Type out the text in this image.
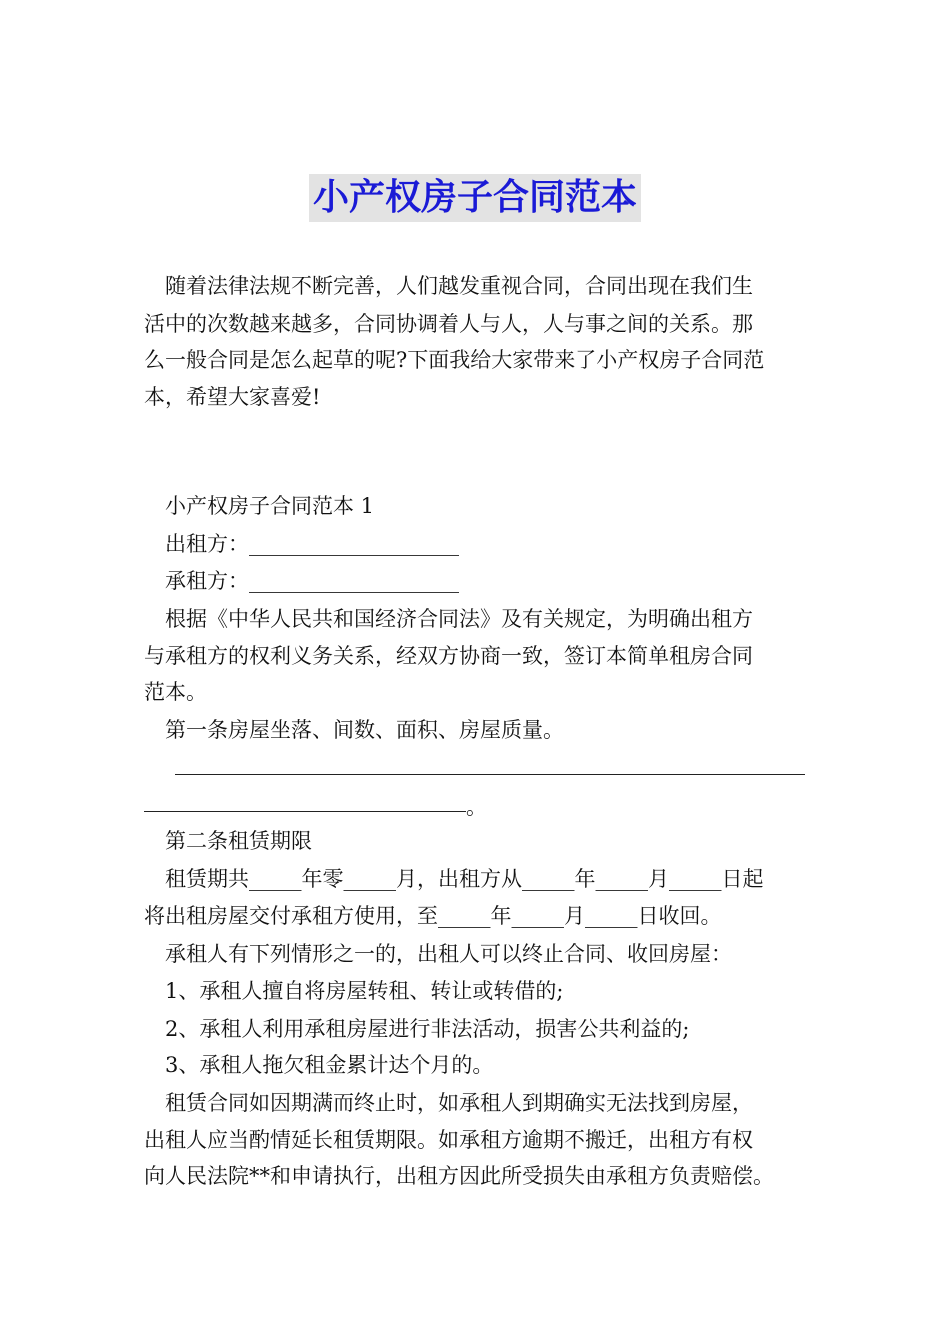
小产权房子合同范本
随着法律法规不断完善，人们越发重视合同，合同出现在我们生
活中的次数越来越多，合同协调着人与人，人与事之间的关系。那
么一般合同是怎么起草的呢?下面我给大家带来了小产权房子合同范
本，希望大家喜爱!
小产权房子合同范本 1
出租方：____________________
承租方：____________________
根据《中华人民共和国经济合同法》及有关规定，为明确出租方
与承租方的权利义务关系，经双方协商一致，签订本简单租房合同
范本。
第一条房屋坐落、间数、面积、房屋质量。
。
第二条租赁期限
租赁期共_____年零_____月，出租方从_____年_____月_____日起
将出租房屋交付承租方使用，至_____年_____月_____日收回。
承租人有下列情形之一的，出租人可以终止合同、收回房屋：
1、承租人擅自将房屋转租、转让或转借的;
2、承租人利用承租房屋进行非法活动，损害公共利益的;
3、承租人拖欠租金累计达个月的。
租赁合同如因期满而终止时，如承租人到期确实无法找到房屋，
出租人应当酌情延长租赁期限。如承租方逾期不搬迁，出租方有权
向人民法院**和申请执行，出租方因此所受损失由承租方负责赔偿。
